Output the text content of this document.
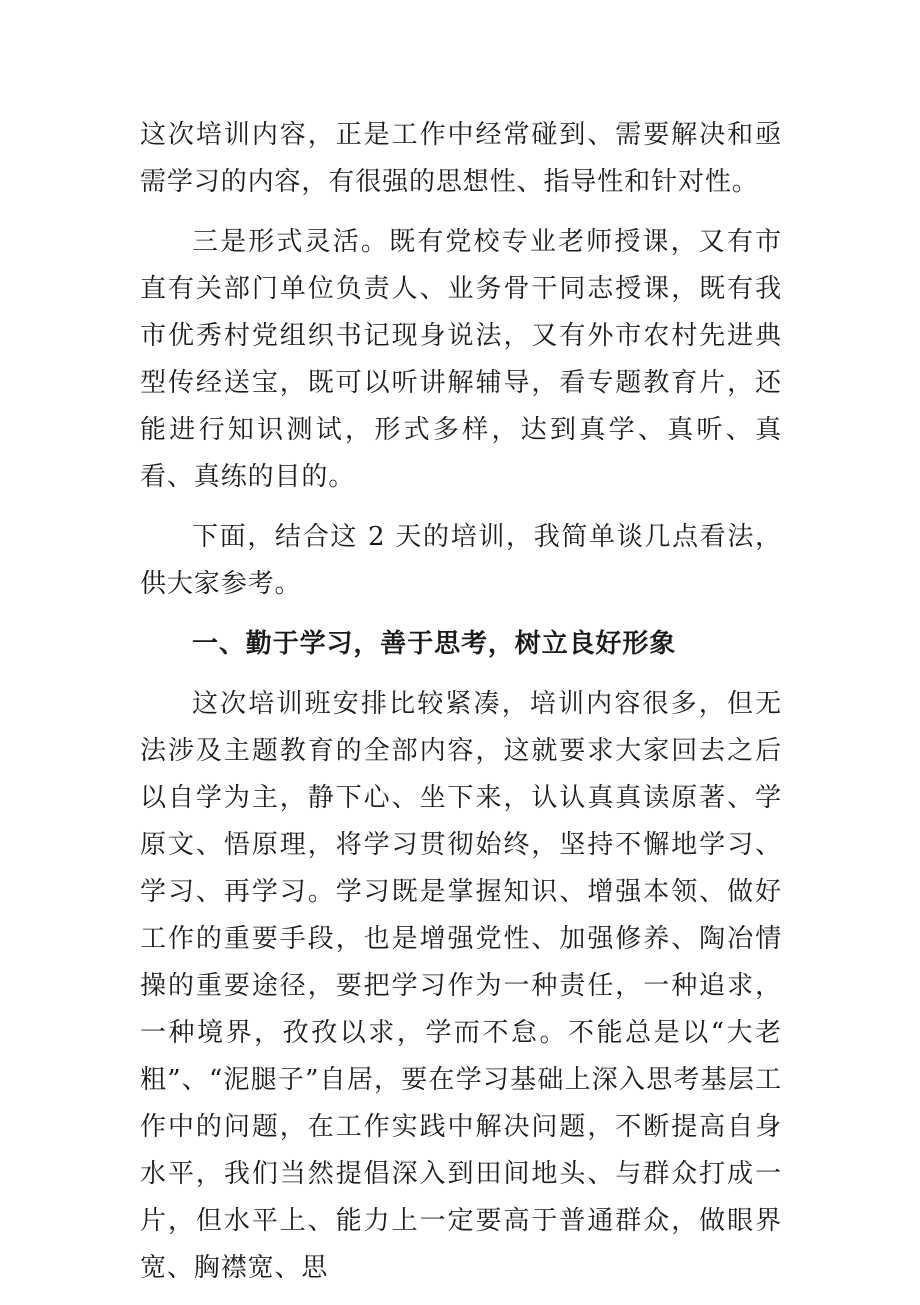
这次培训内容，正是工作中经常碰到、需要解决和亟需学习的内容，有很强的思想性、指导性和针对性。

三是形式灵活。既有党校专业老师授课，又有市直有关部门单位负责人、业务骨干同志授课，既有我市优秀村党组织书记现身说法，又有外市农村先进典型传经送宝，既可以听讲解辅导，看专题教育片，还能进行知识测试，形式多样，达到真学、真听、真看、真练的目的。

下面，结合这 2 天的培训，我简单谈几点看法，供大家参考。

一、勤于学习，善于思考，树立良好形象

这次培训班安排比较紧凑，培训内容很多，但无法涉及主题教育的全部内容，这就要求大家回去之后以自学为主，静下心、坐下来，认认真真读原著、学原文、悟原理，将学习贯彻始终，坚持不懈地学习、学习、再学习。学习既是掌握知识、增强本领、做好工作的重要手段，也是增强党性、加强修养、陶冶情操的重要途径，要把学习作为一种责任，一种追求，一种境界，孜孜以求，学而不怠。不能总是以“大老粗”、“泥腿子”自居，要在学习基础上深入思考基层工作中的问题，在工作实践中解决问题，不断提高自身水平，我们当然提倡深入到田间地头、与群众打成一片，但水平上、能力上一定要高于普通群众，做眼界宽、胸襟宽、思
